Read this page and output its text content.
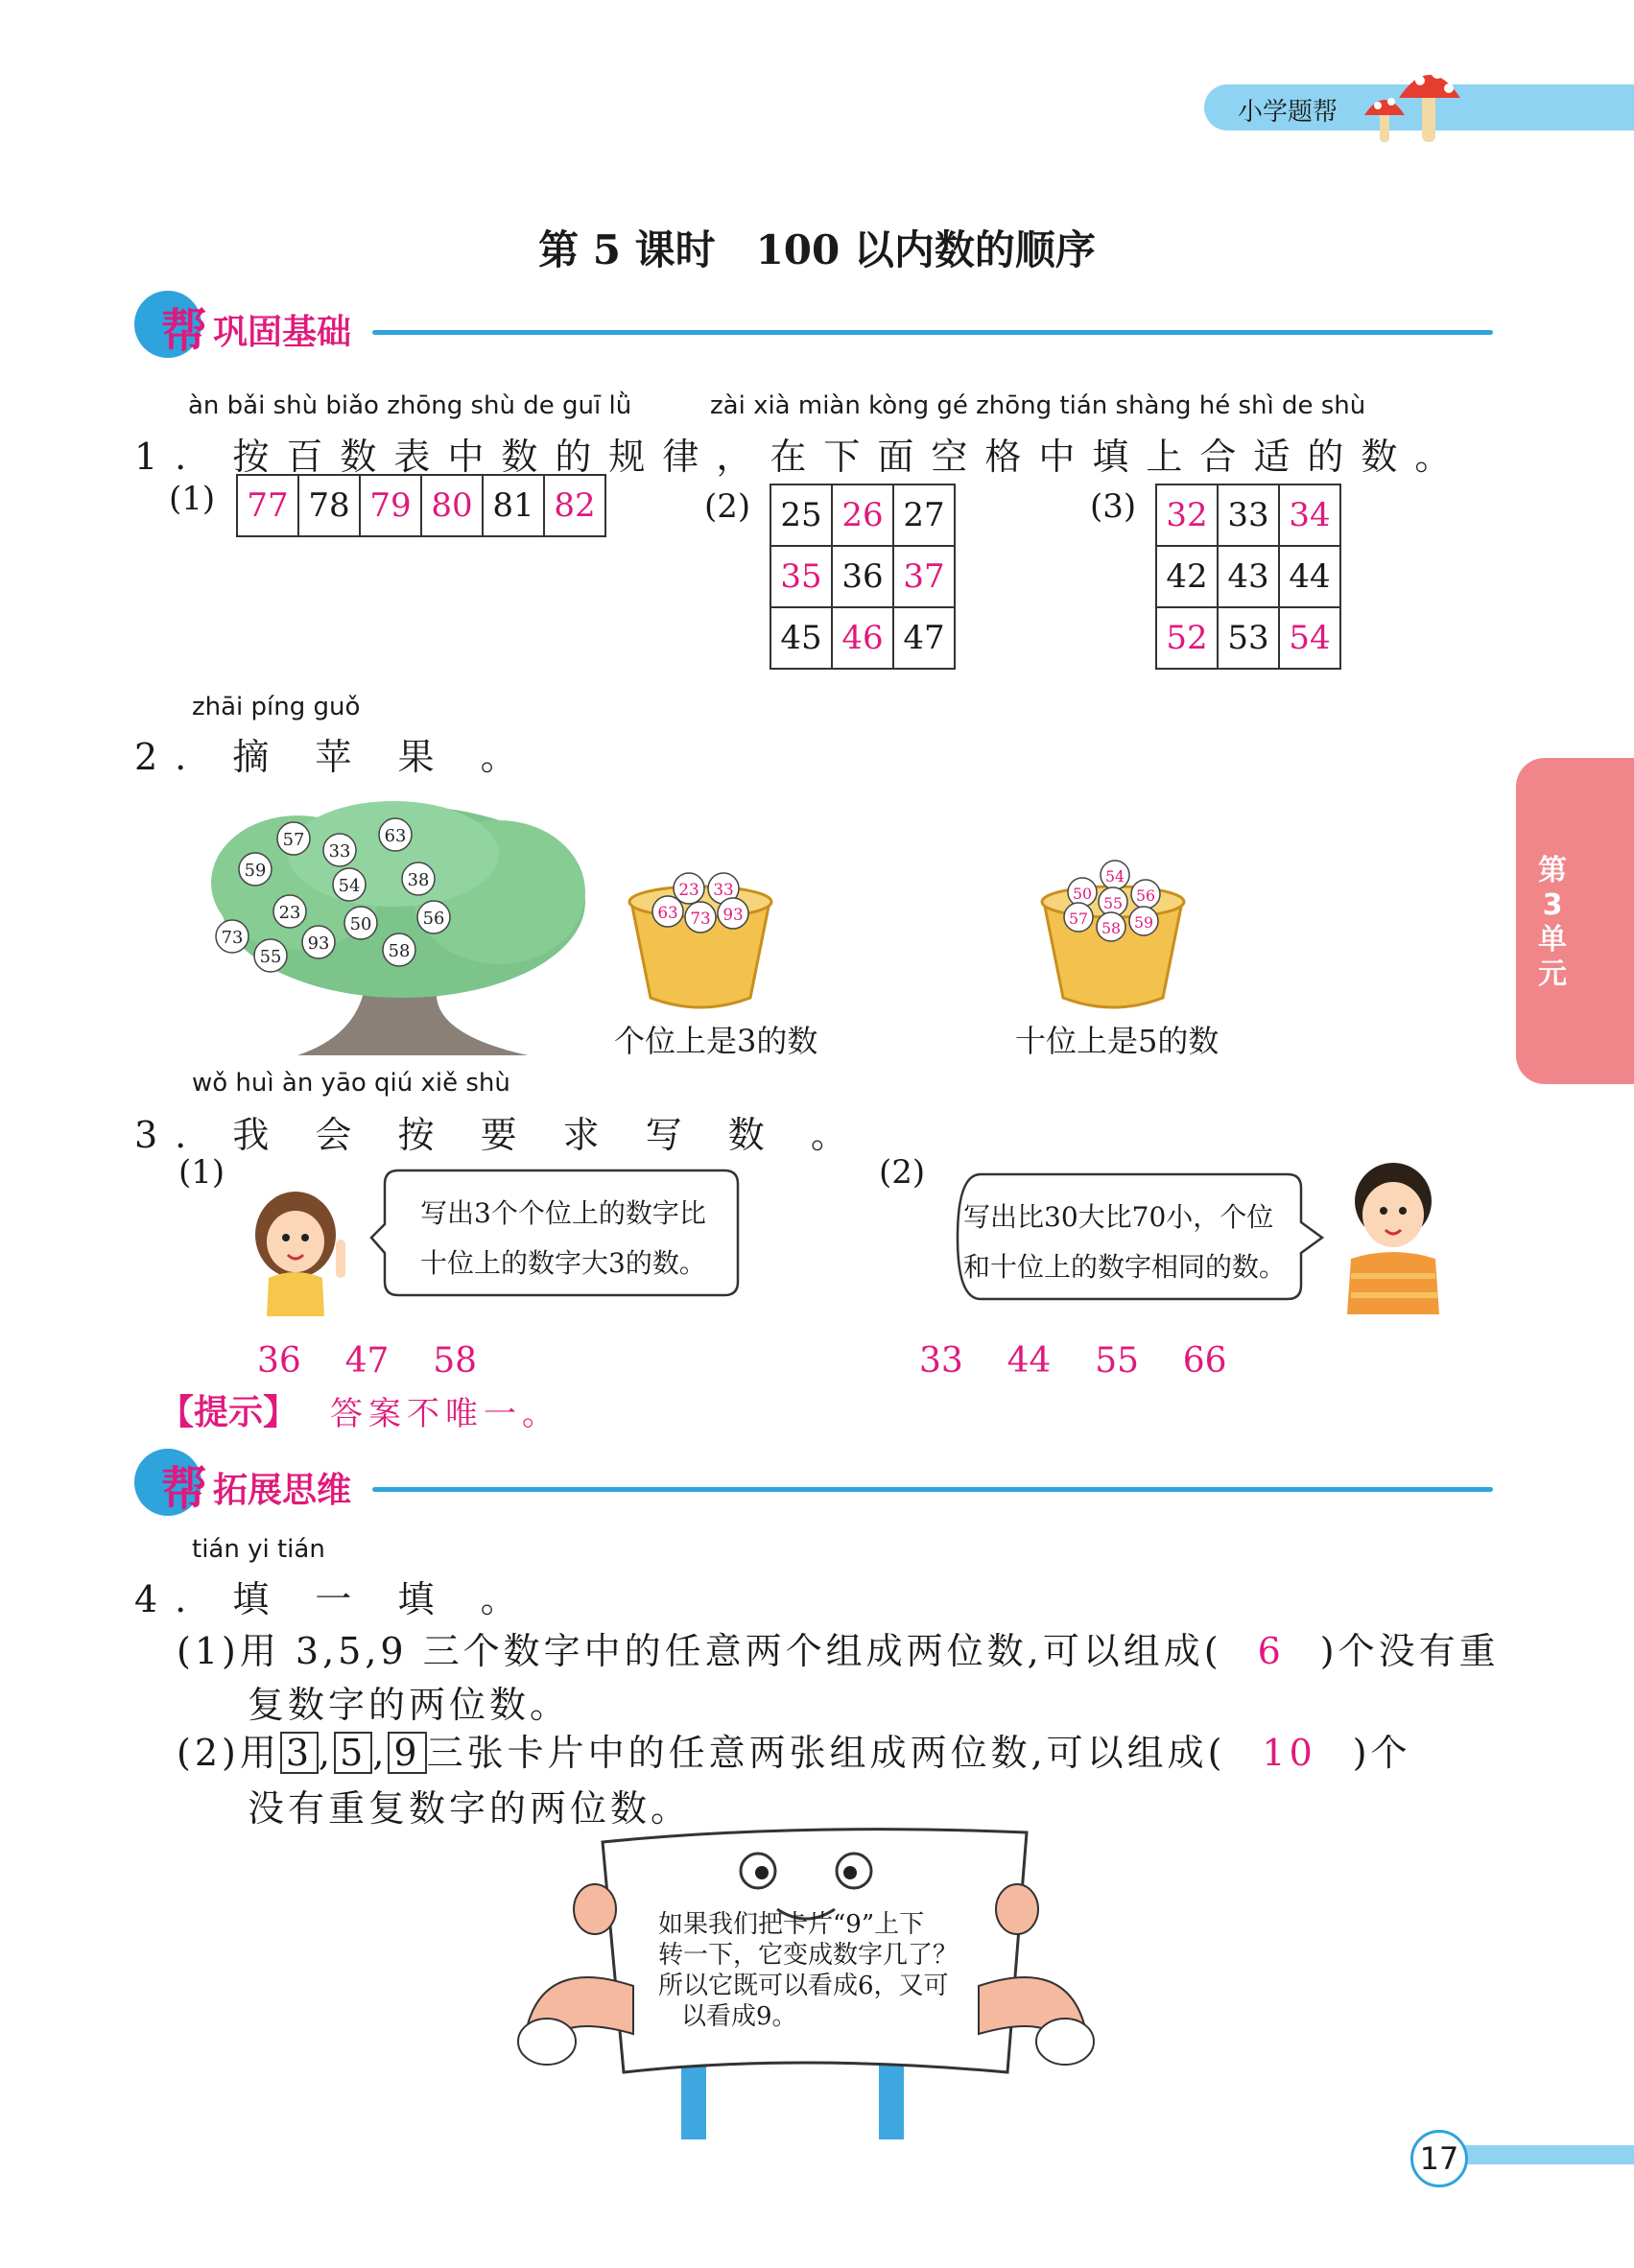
小学题帮
第 5 课时　100 以内数的顺序
帮 巩固基础
àn bǎi shù biǎo zhōng shù de guī lǜ	zài xià miàn kòng gé zhōng tián shàng hé shì de shù
1. 按百数表中数的规律，在下面空格中填上合适的数。
(1) 77	78	79	80	81	82	(2) 25	26	27
35	36	37
45	46	47
(3) 32	33	34
42	43	44
52	53	54
第3单元
zhāi píng guǒ
2. 摘 苹 果 。
57
33
63
59
54	38
23
50	56
73	93	58
55
23 33
63 73 93
个位上是3的数
54
50
55 56
57
58 59
十位上是5的数
wǒ huì àn yāo qiú xiě shù
3. 我 会 按 要 求 写 数 。
(1)
写出3个个位上的数字比
十位上的数字大3的数。
(2)
写出比30大比70小，个位
和十位上的数字相同的数。
36 47 58	33 44 55 66
【提示】 答案不唯一。
帮 拓展思维
tián yi tián
4. 填 一 填 。
(1)用 3,5,9 三个数字中的任意两个组成两位数,可以组成( 6 )个没有重
复数字的两位数。
(2)用 3 , 5 , 9 三张卡片中的任意两张组成两位数,可以组成( 10 )个
没有重复数字的两位数。
如果我们把卡片“9”上下
转一下，它变成数字几了？
所以它既可以看成6，又可
以看成9。
17
